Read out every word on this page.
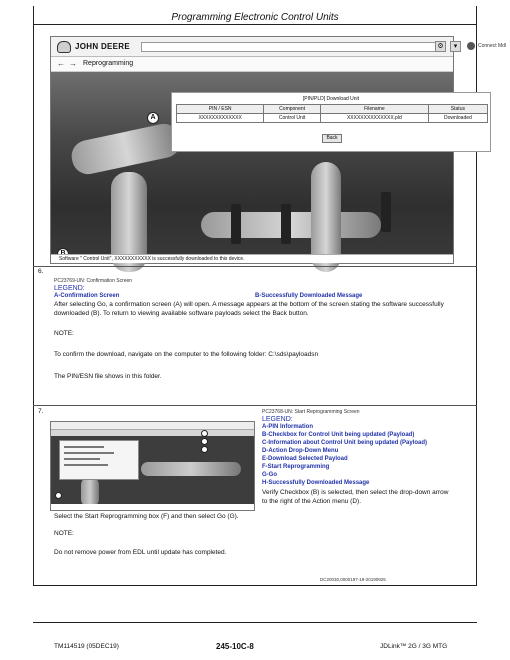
Programming Electronic Control Units
JOHN DEERE	⚙	▾	Connect Mdl
← → Reprogramming
[PIN/PLD] Download Unit
PIN / ESN	Component	Filename	Status
XXXXXXXXXXXXX	Control Unit	XXXXXXXXXXXXXX.pld	Downloaded
Back
A
Software " Control Unit", XXXXXXXXXXX is successfully downloaded to this device.
6.
PC23769-UN: Confirmation Screen
LEGEND:
A-Confirmation Screen	B-Successfully Downloaded Message
After selecting Go, a confirmation screen (A) will open. A message appears at the bottom of the screen stating the software successfully downloaded (B). To return to viewing available software payloads select the Back button.
NOTE:
To confirm the download, navigate on the computer to the following folder: C:\sds\payloadsn
The PIN/ESN file shows in this folder.
7.	PC23768-UN: Start Reprogramming Screen
LEGEND:
A-PIN Information
B-Checkbox for Control Unit being updated (Payload)
C-Information about Control Unit being updated (Payload)
D-Action Drop-Down Menu
E-Download Selected Payload
F-Start Reprogramming
G-Go
H-Successfully Downloaded Message
Verify Checkbox (B) is selected, then select the drop-down arrow to the right of the Action menu (D).
Select the Start Reprogramming box (F) and then select Go (G).
NOTE:
Do not remove power from EDL until update has completed.
DC20030,0000197-19-20190925
TM114519 (05DEC19)	245-10C-8	JDLink™ 2G / 3G MTG
